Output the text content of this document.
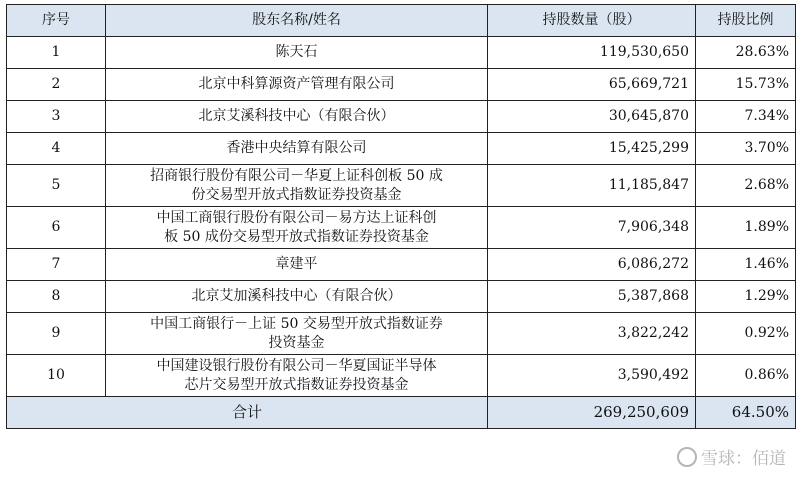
序号	股东名称/姓名	持股数量（股）	持股比例
1	陈天石	119,530,650	28.63%
2	北京中科算源资产管理有限公司	65,669,721	15.73%
3	北京艾溪科技中心（有限合伙）	30,645,870	7.34%
4	香港中央结算有限公司	15,425,299	3.70%
5	招商银行股份有限公司－华夏上证科创板 50 成
份交易型开放式指数证券投资基金	11,185,847	2.68%
6	中国工商银行股份有限公司－易方达上证科创
板 50 成份交易型开放式指数证券投资基金	7,906,348	1.89%
7	章建平	6,086,272	1.46%
8	北京艾加溪科技中心（有限合伙）	5,387,868	1.29%
9	中国工商银行－上证 50 交易型开放式指数证券
投资基金	3,822,242	0.92%
10	中国建设银行股份有限公司－华夏国证半导体
芯片交易型开放式指数证券投资基金	3,590,492	0.86%
合计		269,250,609	64.50%
雪球：佰道
